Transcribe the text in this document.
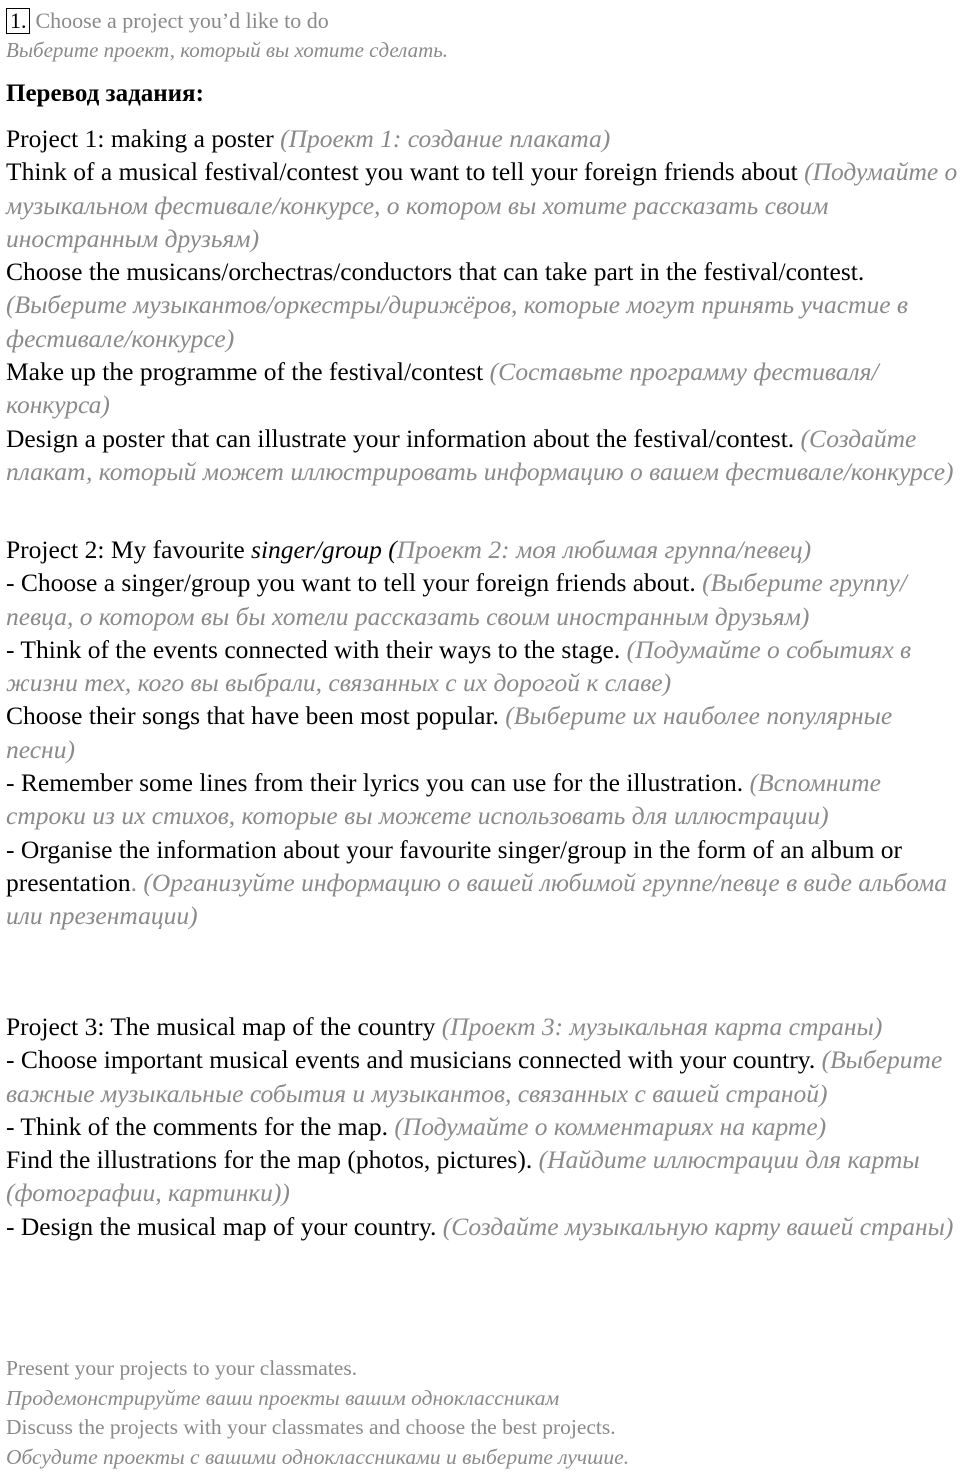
1. Choose a project you’d like to do
Выберите проект, который вы хотите сделать.
Перевод задания:
Project 1: making a poster (Проект 1: создание плаката)
Think of a musical festival/contest you want to tell your foreign friends about (Подумайте о музыкальном фестивале/конкурсе, о котором вы хотите рассказать своим иностранным друзьям)
Choose the musicans/orchectras/conductors that can take part in the festival/contest. (Выберите музыкантов/оркестры/дирижёров, которые могут принять участие в фестивале/конкурсе)
Make up the programme of the festival/contest (Составьте программу фестиваля/конкурса)
Design a poster that can illustrate your information about the festival/contest. (Создайте плакат, который может иллюстрировать информацию о вашем фестивале/конкурсе)
Project 2: My favourite singer/group (Проект 2: моя любимая группа/певец)
- Choose a singer/group you want to tell your foreign friends about. (Выберите группу/певца, о котором вы бы хотели рассказать своим иностранным друзьям)
- Think of the events connected with their ways to the stage. (Подумайте о событиях в жизни тех, кого вы выбрали, связанных с их дорогой к славе)
Choose their songs that have been most popular. (Выберите их наиболее популярные песни)
- Remember some lines from their lyrics you can use for the illustration. (Вспомните строки из их стихов, которые вы можете использовать для иллюстрации)
- Organise the information about your favourite singer/group in the form of an album or presentation. (Организуйте информацию о вашей любимой группе/певце в виде альбома или презентации)
Project 3: The musical map of the country (Проект 3: музыкальная карта страны)
- Choose important musical events and musicians connected with your country. (Выберите важные музыкальные события и музыкантов, связанных с вашей страной)
- Think of the comments for the map. (Подумайте о комментариях на карте)
Find the illustrations for the map (photos, pictures). (Найдите иллюстрации для карты (фотографии, картинки))
- Design the musical map of your country. (Создайте музыкальную карту вашей страны)
Present your projects to your classmates.
Продемонстрируйте ваши проекты вашим одноклассникам
Discuss the projects with your classmates and choose the best projects.
Обсудите проекты с вашими одноклассниками и выберите лучшие.
